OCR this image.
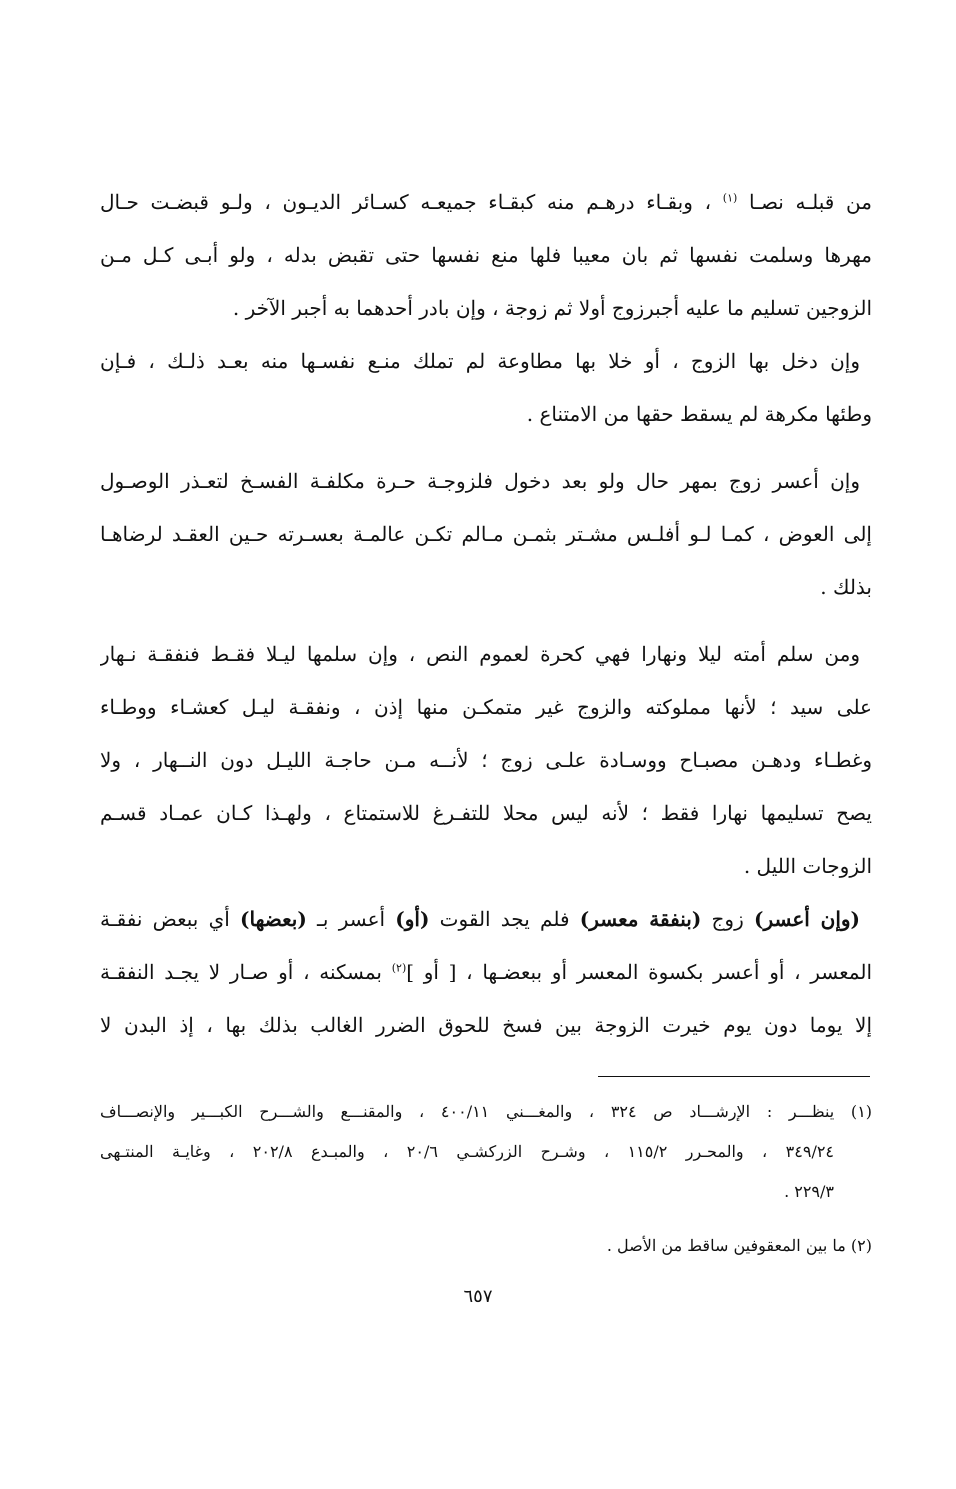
من قبلـه نصـا $^{(١)}$ ، وبقـاء درهـم منه كبقـاء جميعـه كسـائر الديـون ، ولـو قبضـت حـال
مهرها وسلمت نفسها ثم بان معيبا فلها منع نفسها حتى تقبض بدله ، ولو أبـى كـل مـن
الزوجين تسليم ما عليه أجبرزوج أولا ثم زوجة ، وإن بادر أحدهما به أجبر الآخر .
وإن دخل بها الزوج ، أو خلا بها مطاوعة لم تملك منـع نفسـها منه بعـد ذلـك ، فـإن
وطئها مكرهة لم يسقط حقها من الامتناع .
وإن أعسر زوج بمهر حال ولو بعد دخول فلزوجـة حـرة مكلفـة الفسـخ لتعـذر الوصـول
إلى العوض ، كمـا لـو أفلـس مشـتر بثمـن مـالم تكـن عالمـة بعسـرته حـين العقـد لرضاهـا
بذلك .
ومن سلم أمته ليلا ونهارا فهي كحرة لعموم النص ، وإن سلمها ليـلا فقـط فنفقـة نـهار
على سيد ؛ لأنها مملوكته والزوج غير متمكـن منها إذن ، ونفقـة ليـل كعشـاء ووطـاء
وغطـاء ودهـن مصبـاح ووسـادة علـى زوج ؛ لأنــه مـن حاجـة الليـل دون النــهار ، ولا
يصح تسليمها نهارا فقط ؛ لأنه ليس محلا للتفـرغ للاستمتاع ، ولهـذا كـان عمـاد قسـم
الزوجات الليل .
(وإن أعسر) زوج (بنفقة معسر) فلم يجد القوت (أو) أعسر بـ (بعضها) أي ببعض نفقـة
المعسر ، أو أعسر بكسوة المعسر أو ببعضـها ، [ أو ]$^{(٢)}$ بمسكنه ، أو صـار لا يجـد النفقـة
إلا يوما دون يوم خيرت الزوجة بين فسخ للحوق الضرر الغالب بذلك بها ، إذ البدن لا
(١) ينظـــر : الإرشـــاد ص ٣٢٤ ، والمغـــني ٤٠٠/١١ ، والمقنـــع والشـــرح الكبـــير والإنصـــاف
٣٤٩/٢٤ ، والمحـرر ١١٥/٢ ، وشـرح الزركشـي ٢٠/٦ ، والمبـدع ٢٠٢/٨ ، وغايـة المنتـهى
٢٢٩/٣ .
(٢) ما بين المعقوفين ساقط من الأصل .
٦٥٧
